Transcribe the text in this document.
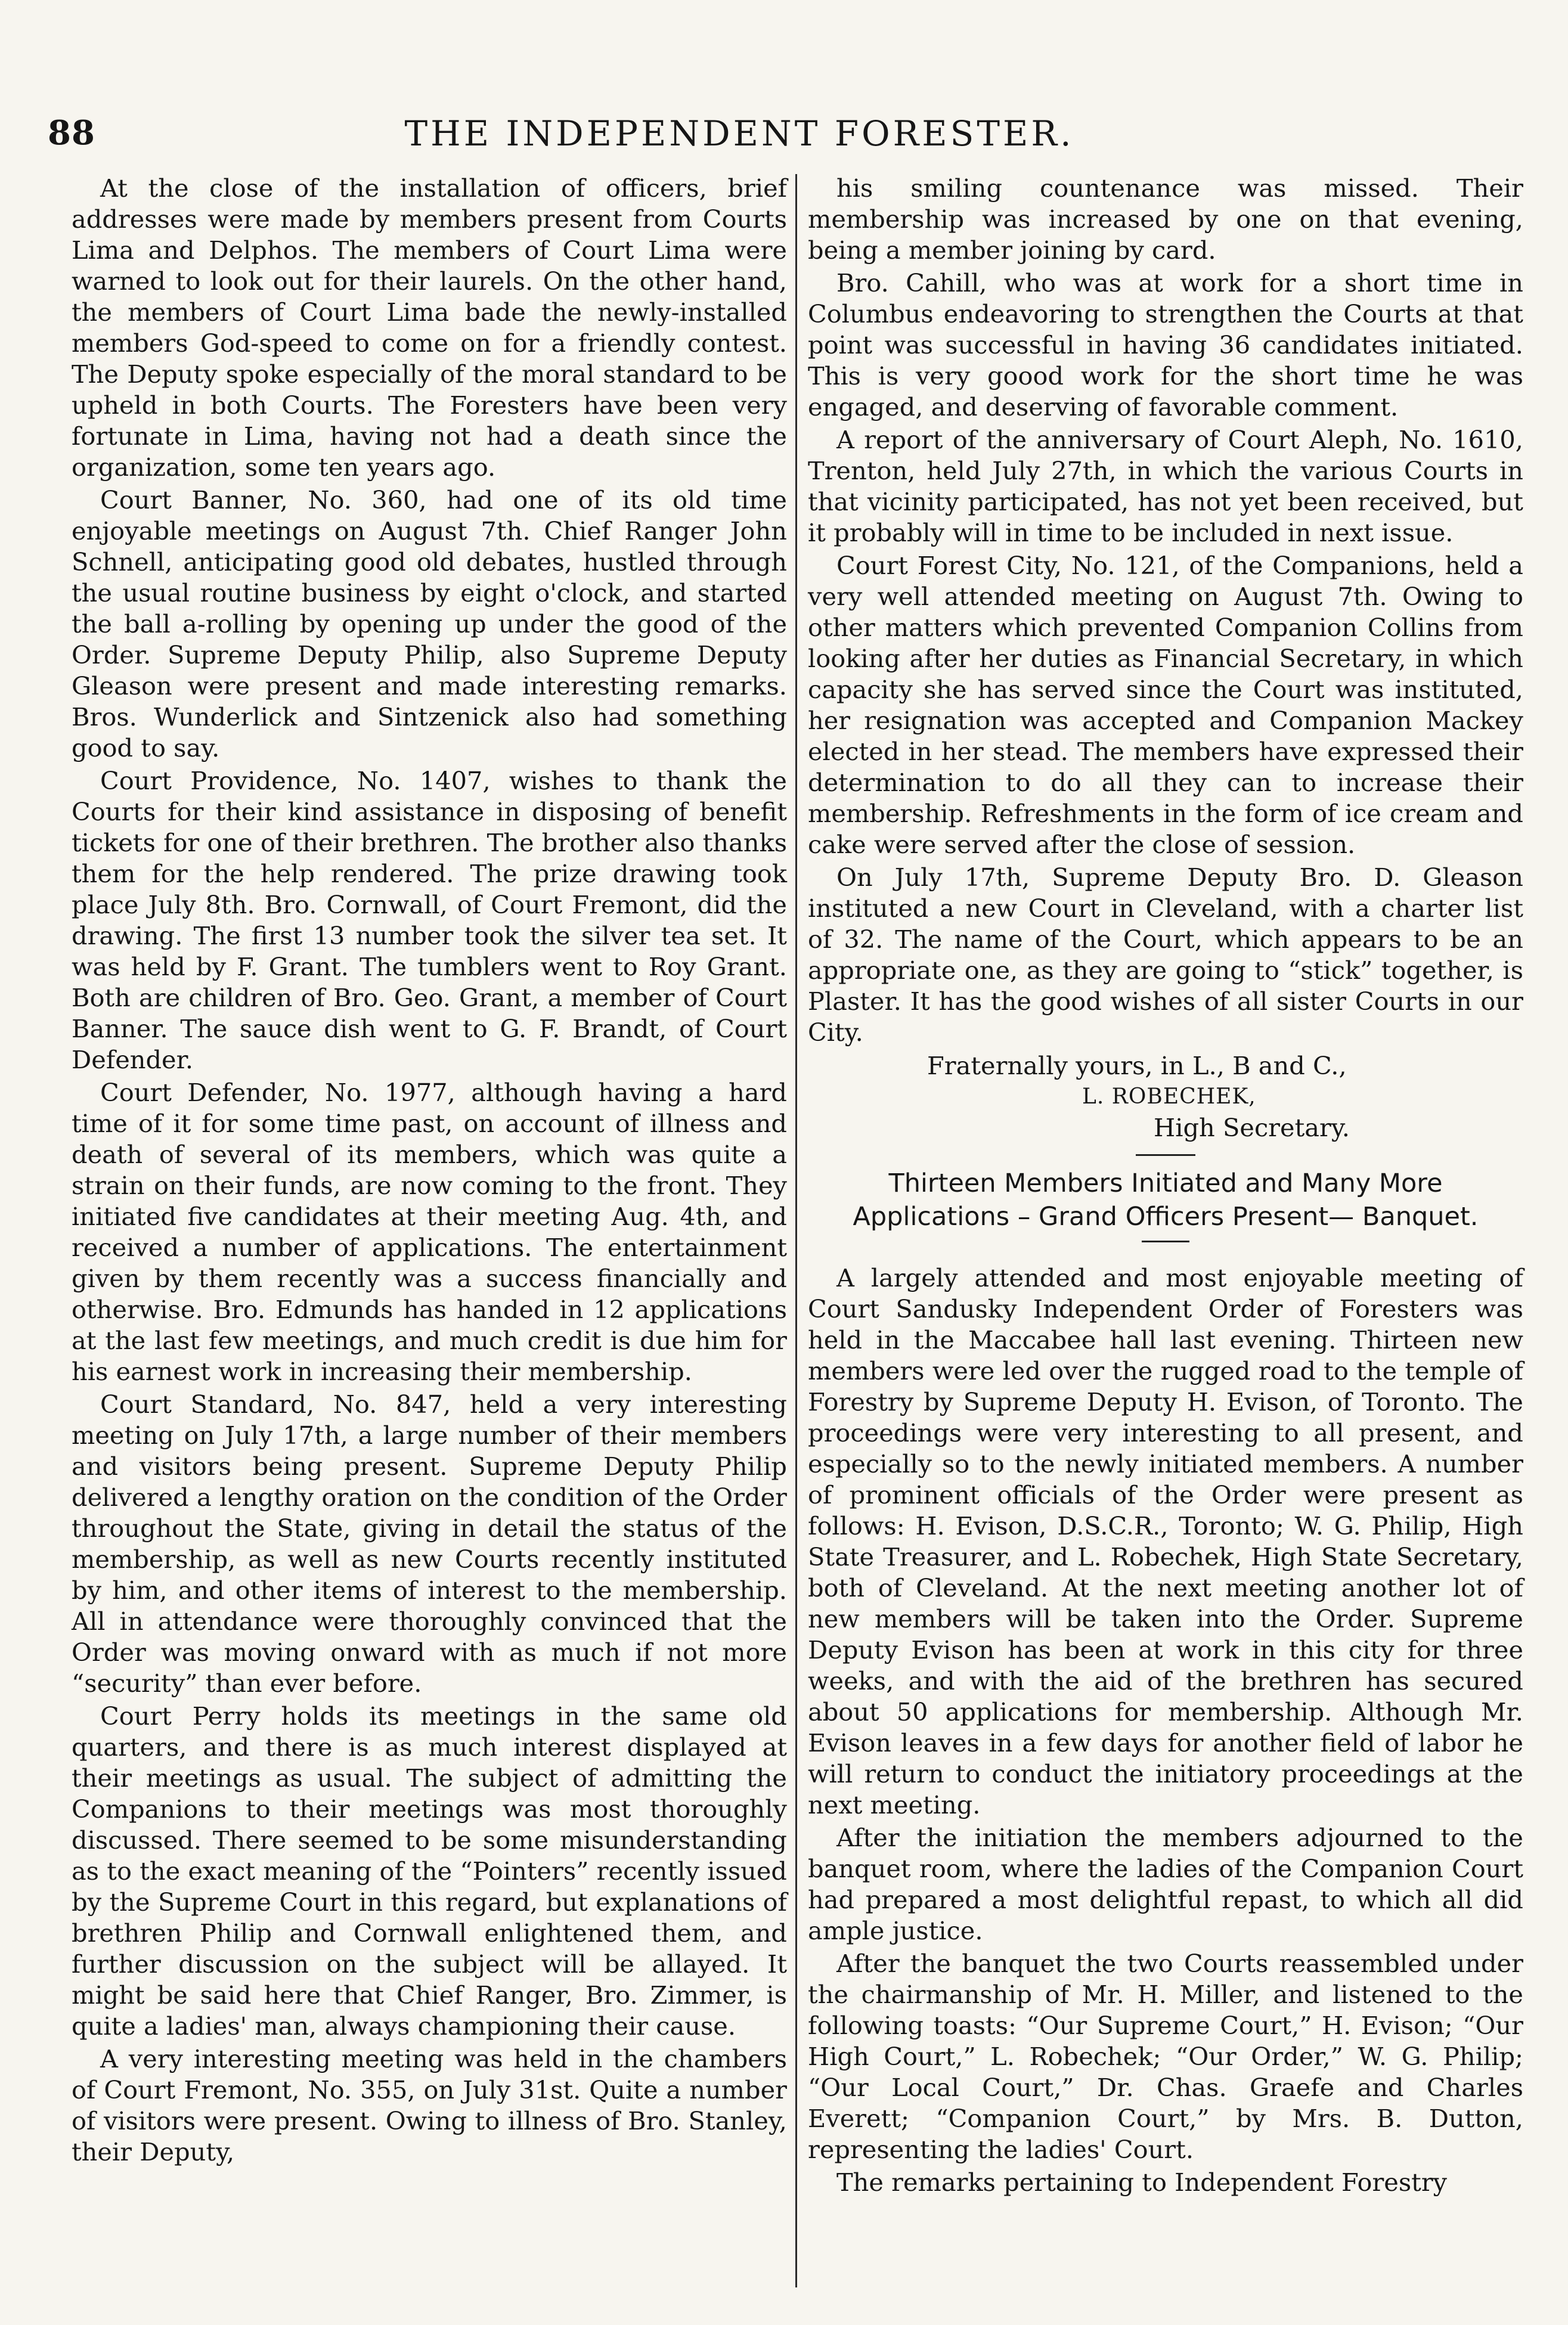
88	THE INDEPENDENT FORESTER.

At the close of the installation of officers, brief addresses were made by members present from Courts Lima and Delphos. The members of Court Lima were warned to look out for their laurels. On the other hand, the members of Court Lima bade the newly-installed members God-speed to come on for a friendly contest. The Deputy spoke especially of the moral standard to be upheld in both Courts. The Foresters have been very fortunate in Lima, having not had a death since the organization, some ten years ago.

Court Banner, No. 360, had one of its old time enjoyable meetings on August 7th. Chief Ranger John Schnell, anticipating good old debates, hustled through the usual routine business by eight o'clock, and started the ball a-rolling by opening up under the good of the Order. Supreme Deputy Philip, also Supreme Deputy Gleason were present and made interesting remarks. Bros. Wunderlick and Sintzenick also had something good to say.

Court Providence, No. 1407, wishes to thank the Courts for their kind assistance in disposing of benefit tickets for one of their brethren. The brother also thanks them for the help rendered. The prize drawing took place July 8th. Bro. Cornwall, of Court Fremont, did the drawing. The first 13 number took the silver tea set. It was held by F. Grant. The tumblers went to Roy Grant. Both are children of Bro. Geo. Grant, a member of Court Banner. The sauce dish went to G. F. Brandt, of Court Defender.

Court Defender, No. 1977, although having a hard time of it for some time past, on account of illness and death of several of its members, which was quite a strain on their funds, are now coming to the front. They initiated five candidates at their meeting Aug. 4th, and received a number of applications. The entertainment given by them recently was a success financially and otherwise. Bro. Edmunds has handed in 12 applications at the last few meetings, and much credit is due him for his earnest work in increasing their membership.

Court Standard, No. 847, held a very interesting meeting on July 17th, a large number of their members and visitors being present. Supreme Deputy Philip delivered a lengthy oration on the condition of the Order throughout the State, giving in detail the status of the membership, as well as new Courts recently instituted by him, and other items of interest to the membership. All in attendance were thoroughly convinced that the Order was moving onward with as much if not more “security” than ever before.

Court Perry holds its meetings in the same old quarters, and there is as much interest displayed at their meetings as usual. The subject of admitting the Companions to their meetings was most thoroughly discussed. There seemed to be some misunderstanding as to the exact meaning of the “Pointers” recently issued by the Supreme Court in this regard, but explanations of brethren Philip and Cornwall enlightened them, and further discussion on the subject will be allayed. It might be said here that Chief Ranger, Bro. Zimmer, is quite a ladies' man, always championing their cause.

A very interesting meeting was held in the chambers of Court Fremont, No. 355, on July 31st. Quite a number of visitors were present. Owing to illness of Bro. Stanley, their Deputy,

his smiling countenance was missed. Their membership was increased by one on that evening, being a member joining by card.

Bro. Cahill, who was at work for a short time in Columbus endeavoring to strengthen the Courts at that point was successful in having 36 candidates initiated. This is very goood work for the short time he was engaged, and deserving of favorable comment.

A report of the anniversary of Court Aleph, No. 1610, Trenton, held July 27th, in which the various Courts in that vicinity participated, has not yet been received, but it probably will in time to be included in next issue.

Court Forest City, No. 121, of the Companions, held a very well attended meeting on August 7th. Owing to other matters which prevented Companion Collins from looking after her duties as Financial Secretary, in which capacity she has served since the Court was instituted, her resignation was accepted and Companion Mackey elected in her stead. The members have expressed their determination to do all they can to increase their membership. Refreshments in the form of ice cream and cake were served after the close of session.

On July 17th, Supreme Deputy Bro. D. Gleason instituted a new Court in Cleveland, with a charter list of 32. The name of the Court, which appears to be an appropriate one, as they are going to “stick” together, is Plaster. It has the good wishes of all sister Courts in our City.

Fraternally yours, in L., B and C.,
L. ROBECHEK,
High Secretary.
Thirteen Members Initiated and Many More Applications – Grand Officers Present— Banquet.

A largely attended and most enjoyable meeting of Court Sandusky Independent Order of Foresters was held in the Maccabee hall last evening. Thirteen new members were led over the rugged road to the temple of Forestry by Supreme Deputy H. Evison, of Toronto. The proceedings were very interesting to all present, and especially so to the newly initiated members. A number of prominent officials of the Order were present as follows: H. Evison, D.S.C.R., Toronto; W. G. Philip, High State Treasurer, and L. Robechek, High State Secretary, both of Cleveland. At the next meeting another lot of new members will be taken into the Order. Supreme Deputy Evison has been at work in this city for three weeks, and with the aid of the brethren has secured about 50 applications for membership. Although Mr. Evison leaves in a few days for another field of labor he will return to conduct the initiatory proceedings at the next meeting.

After the initiation the members adjourned to the banquet room, where the ladies of the Companion Court had prepared a most delightful repast, to which all did ample justice.

After the banquet the two Courts reassembled under the chairmanship of Mr. H. Miller, and listened to the following toasts: “Our Supreme Court,” H. Evison; “Our High Court,” L. Robechek; “Our Order,” W. G. Philip; “Our Local Court,” Dr. Chas. Graefe and Charles Everett; “Companion Court,” by Mrs. B. Dutton, representing the ladies' Court.

The remarks pertaining to Independent Forestry
